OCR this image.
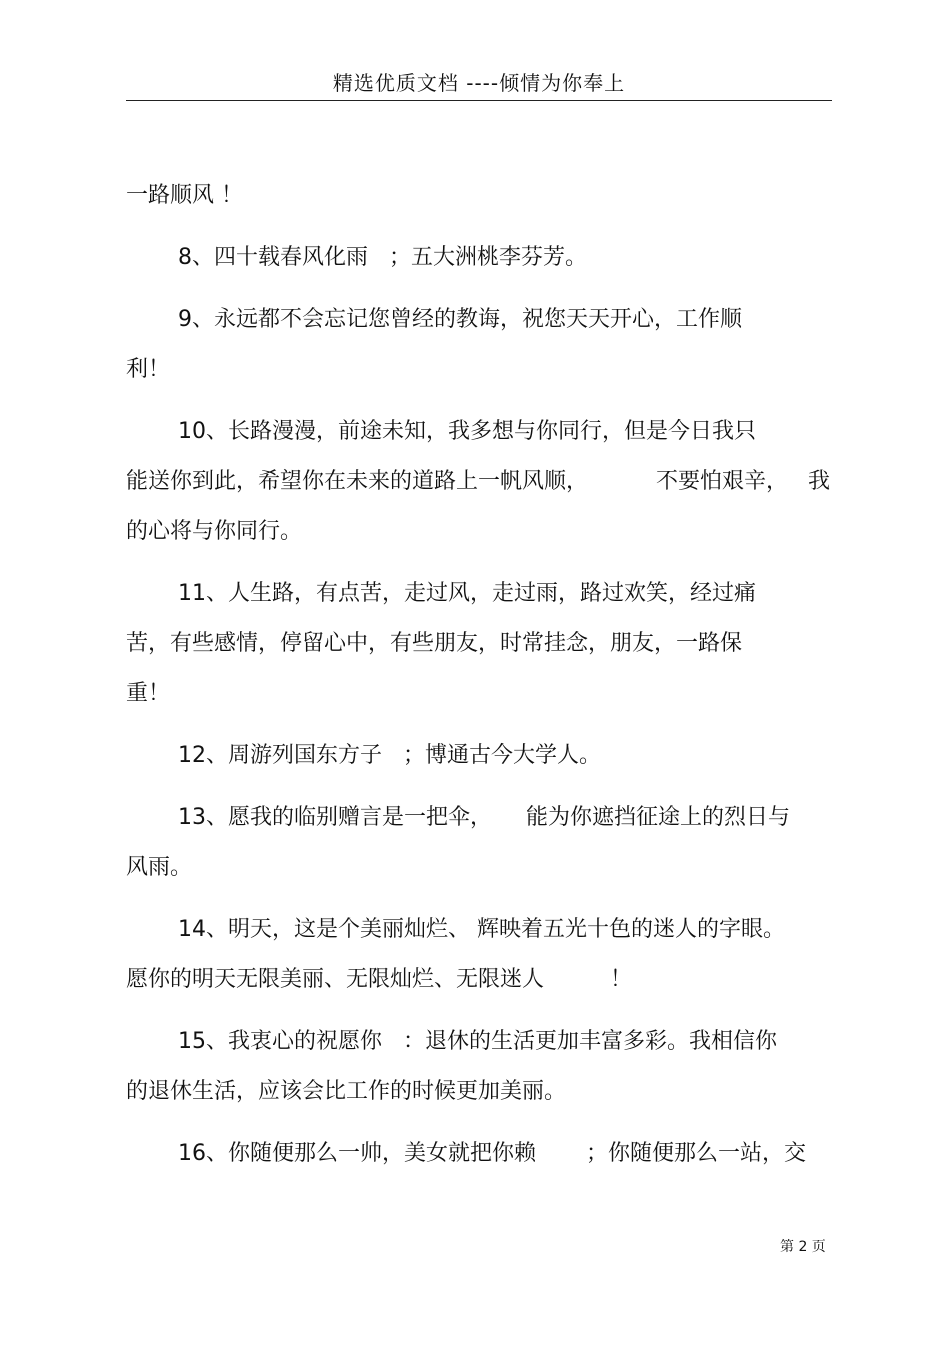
精选优质文档 ----倾情为你奉上
一路顺风 ！
8、四十载春风化雨   ；五大洲桃李芬芳。
9、永远都不会忘记您曾经的教诲，祝您天天开心，工作顺
利！
10、长路漫漫，前途未知，我多想与你同行，但是今日我只
能送你到此，希望你在未来的道路上一帆风顺，	不要怕艰辛， 我
的心将与你同行。
11、人生路，有点苦，走过风，走过雨，路过欢笑，经过痛
苦，有些感情，停留心中，有些朋友，时常挂念，朋友，一路保
重！
12、周游列国东方子   ；博通古今大学人。
13、愿我的临别赠言是一把伞， 能为你遮挡征途上的烈日与
风雨。
14、明天，这是个美丽灿烂、 辉映着五光十色的迷人的字眼。
愿你的明天无限美丽、无限灿烂、无限迷人	！
15、我衷心的祝愿你   ：退休的生活更加丰富多彩。我相信你
的退休生活，应该会比工作的时候更加美丽。
16、你随便那么一帅，美女就把你赖 ；你随便那么一站，交
第 2 页
